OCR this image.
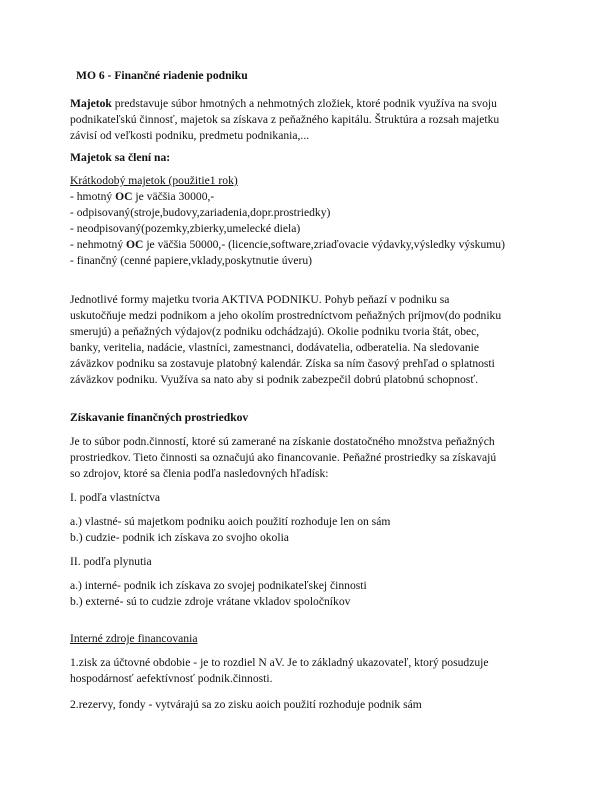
MO 6 - Finančné riadenie podniku
Majetok predstavuje súbor hmotných a nehmotných zložiek, ktoré podnik využíva na svoju
podnikateľskú činnosť, majetok sa získava z peňažného kapitálu. Štruktúra a rozsah majetku
závisí od veľkosti podniku, predmetu podnikania,...
Majetok sa člení na:
Krátkodobý majetok (použitie1 rok)
- hmotný OC je väčšia 30000,-
- odpisovaný(stroje,budovy,zariadenia,dopr.prostriedky)
- neodpisovaný(pozemky,zbierky,umelecké diela)
- nehmotný OC je väčšia 50000,- (licencie,software,zriaďovacie výdavky,výsledky výskumu)
- finančný (cenné papiere,vklady,poskytnutie úveru)
Jednotlivé formy majetku tvoria AKTIVA PODNIKU. Pohyb peňazí v podniku sa
uskutočňuje medzi podnikom a jeho okolím prostredníctvom peňažných príjmov(do podniku
smerujú) a peňažných výdajov(z podniku odchádzajú). Okolie podniku tvoria štát, obec,
banky, veritelia, nadácie, vlastníci, zamestnanci, dodávatelia, odberatelia. Na sledovanie
záväzkov podniku sa zostavuje platobný kalendár. Získa sa ním časový prehľad o splatnosti
záväzkov podniku. Využíva sa nato aby si podnik zabezpečil dobrú platobnú schopnosť.
Získavanie finančných prostriedkov
Je to súbor podn.činností, ktoré sú zamerané na získanie dostatočného množstva peňažných
prostriedkov. Tieto činnosti sa označujú ako financovanie. Peňažné prostriedky sa získavajú
so zdrojov, ktoré sa členia podľa nasledovných hľadísk:
I. podľa vlastníctva
a.) vlastné- sú majetkom podniku aoich použití rozhoduje len on sám
b.) cudzie- podnik ich získava zo svojho okolia
II. podľa plynutia
a.) interné- podnik ich získava zo svojej podnikateľskej činnosti
b.) externé- sú to cudzie zdroje vrátane vkladov spoločníkov
Interné zdroje financovania
1.zisk za účtovné obdobie - je to rozdiel N aV. Je to základný ukazovateľ, ktorý posudzuje
hospodárnosť aefektívnosť podnik.činnosti.
2.rezervy, fondy - vytvárajú sa zo zisku aoich použití rozhoduje podnik sám
